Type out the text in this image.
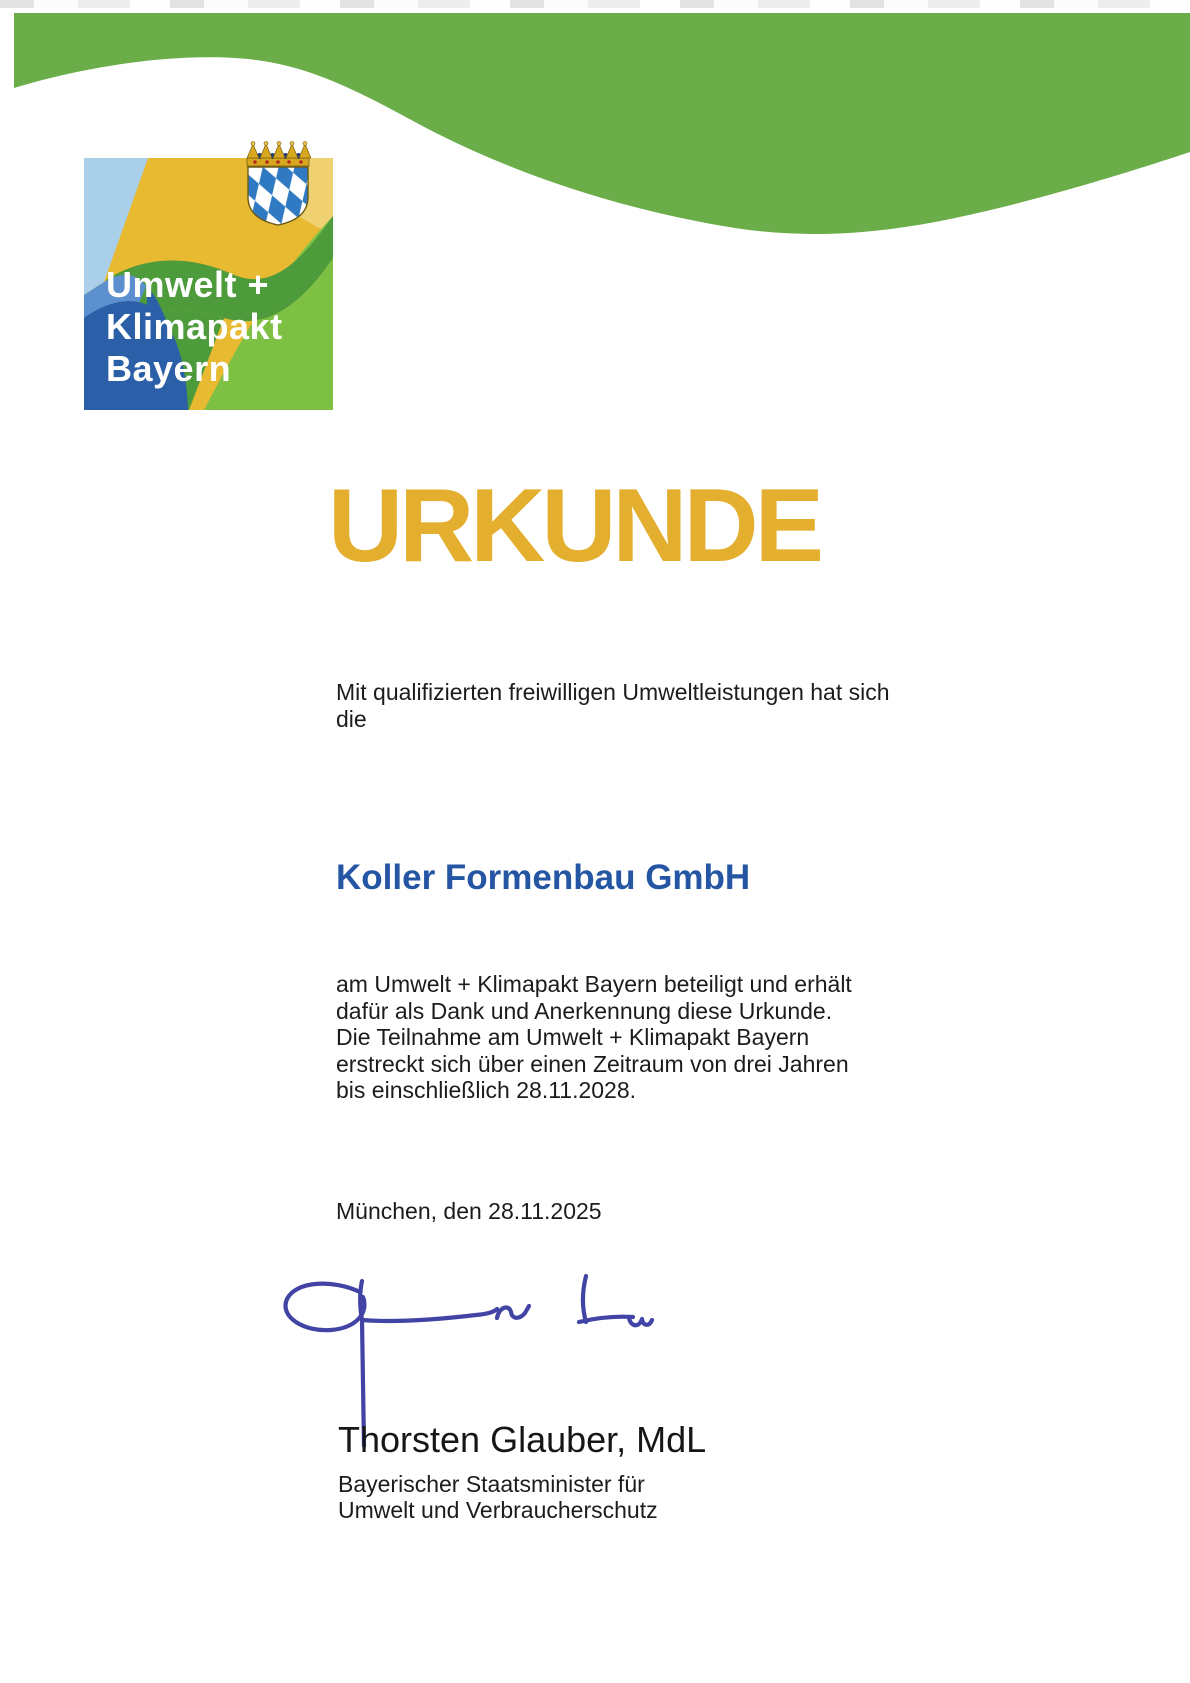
Umwelt +
Klimapakt
Bayern
URKUNDE
Mit qualifizierten freiwilligen Umweltleistungen hat sich
die
Koller Formenbau GmbH
am Umwelt + Klimapakt Bayern beteiligt und erhält
dafür als Dank und Anerkennung diese Urkunde.
Die Teilnahme am Umwelt + Klimapakt Bayern
erstreckt sich über einen Zeitraum von drei Jahren
bis einschließlich 28.11.2028.
München, den 28.11.2025
Thorsten Glauber, MdL
Bayerischer Staatsminister für
Umwelt und Verbraucherschutz
